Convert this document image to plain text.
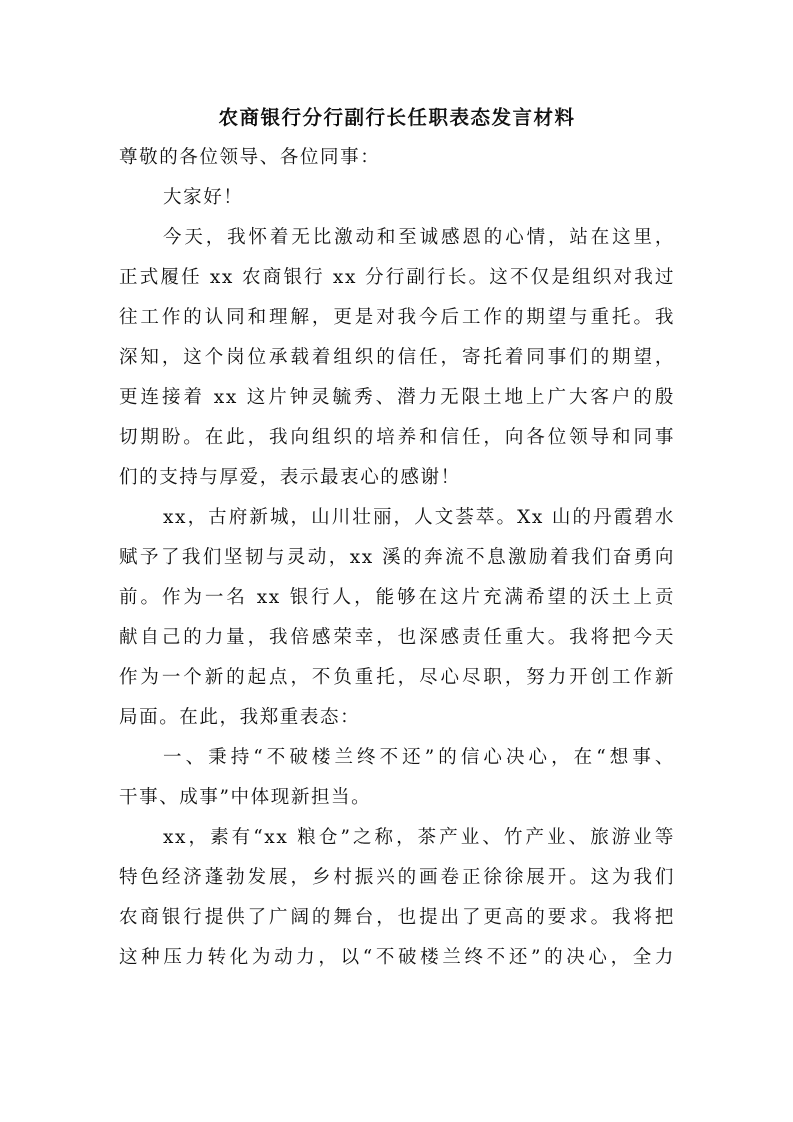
农商银行分行副行长任职表态发言材料

尊敬的各位领导、各位同事：

大家好！

今天，我怀着无比激动和至诚感恩的心情，站在这里，
正式履任 xx 农商银行 xx 分行副行长。这不仅是组织对我过
往工作的认同和理解，更是对我今后工作的期望与重托。我
深知，这个岗位承载着组织的信任，寄托着同事们的期望，
更连接着 xx 这片钟灵毓秀、潜力无限土地上广大客户的殷
切期盼。在此，我向组织的培养和信任，向各位领导和同事
们的支持与厚爱，表示最衷心的感谢！

xx，古府新城，山川壮丽，人文荟萃。Xx 山的丹霞碧水
赋予了我们坚韧与灵动，xx 溪的奔流不息激励着我们奋勇向
前。作为一名 xx 银行人，能够在这片充满希望的沃土上贡
献自己的力量，我倍感荣幸，也深感责任重大。我将把今天
作为一个新的起点，不负重托，尽心尽职，努力开创工作新
局面。在此，我郑重表态：

一、秉持“不破楼兰终不还”的信心决心，在“想事、
干事、成事”中体现新担当。

xx，素有“xx 粮仓”之称，茶产业、竹产业、旅游业等
特色经济蓬勃发展，乡村振兴的画卷正徐徐展开。这为我们
农商银行提供了广阔的舞台，也提出了更高的要求。我将把
这种压力转化为动力，以“不破楼兰终不还”的决心，全力
